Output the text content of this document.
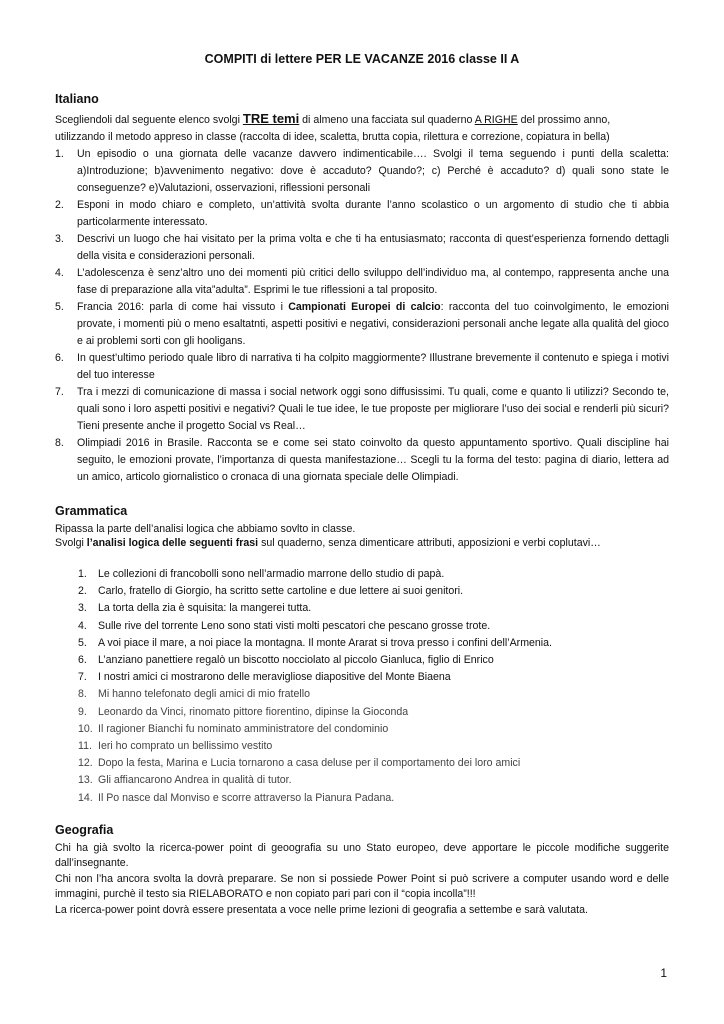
COMPITI di lettere PER LE VACANZE 2016 classe II A
Italiano

Scegliendoli dal seguente elenco svolgi TRE temi di almeno una facciata sul quaderno A RIGHE del prossimo anno,

utilizzando il metodo appreso in classe (raccolta di idee, scaletta, brutta copia, rilettura e correzione, copiatura in bella)

1. Un episodio o una giornata delle vacanze davvero indimenticabile…. Svolgi il tema seguendo i punti della scaletta: a)Introduzione; b)avvenimento negativo: dove è accaduto? Quando?; c) Perché è accaduto? d) quali sono state le conseguenze? e)Valutazioni, osservazioni, riflessioni personali
2. Esponi in modo chiaro e completo, un’attività svolta durante l’anno scolastico o un argomento di studio che ti abbia particolarmente interessato.
3. Descrivi un luogo che hai visitato per la prima volta e che ti ha entusiasmato; racconta di quest’esperienza fornendo dettagli della visita e considerazioni personali.
4. L’adolescenza è senz’altro uno dei momenti più critici dello sviluppo dell’individuo ma, al contempo, rappresenta anche una fase di preparazione alla vita”adulta”. Esprimi le tue riflessioni a tal proposito.
5. Francia 2016: parla di come hai vissuto i Campionati Europei di calcio: racconta del tuo coinvolgimento, le emozioni provate, i momenti più o meno esaltatnti, aspetti positivi e negativi, considerazioni personali anche legate alla qualità del gioco e ai problemi sorti con gli hooligans.
6. In quest’ultimo periodo quale libro di narrativa ti ha colpito maggiormente? Illustrane brevemente il contenuto e spiega i motivi del tuo interesse
7. Tra i mezzi di comunicazione di massa i social network oggi sono diffusissimi. Tu quali, come e quanto li utilizzi? Secondo te, quali sono i loro aspetti positivi e negativi? Quali le tue idee, le tue proposte per migliorare l’uso dei social e renderli più sicuri? Tieni presente anche il progetto Social vs Real…
8. Olimpiadi 2016 in Brasile. Racconta se e come sei stato coinvolto da questo appuntamento sportivo. Quali discipline hai seguito, le emozioni provate, l’importanza di questa manifestazione… Scegli tu la forma del testo: pagina di diario, lettera ad un amico, articolo giornalistico o cronaca di una giornata speciale delle Olimpiadi.
Grammatica

Ripassa la parte dell’analisi logica che abbiamo sovlto in classe.

Svolgi l’analisi logica delle seguenti frasi sul quaderno, senza dimenticare attributi, apposizioni e verbi coplutavi…

1. Le collezioni di francobolli sono nell’armadio marrone dello studio di papà.
2. Carlo, fratello di Giorgio, ha scritto sette cartoline e due lettere ai suoi genitori.
3. La torta della zia è squisita: la mangerei tutta.
4. Sulle rive del torrente Leno sono stati visti molti pescatori che pescano grosse trote.
5. A voi piace il mare, a noi piace la montagna. Il monte Ararat si trova presso i confini dell’Armenia.
6. L’anziano panettiere regalò un biscotto nocciolato al piccolo Gianluca, figlio di Enrico
7. I nostri amici ci mostrarono delle meravigliose diapositive del Monte Biaena
8. Mi hanno telefonato degli amici di mio fratello
9. Leonardo da Vinci, rinomato pittore fiorentino, dipinse la Gioconda
10. Il ragioner Bianchi fu nominato amministratore del condominio
11. Ieri ho comprato un bellissimo vestito
12. Dopo la festa, Marina e Lucia tornarono a casa deluse per il comportamento dei loro amici
13. Gli affiancarono Andrea in qualità di tutor.
14. Il Po nasce dal Monviso e scorre attraverso la Pianura Padana.
Geografia

Chi ha già svolto la ricerca-power point di geoografia su uno Stato europeo, deve apportare le piccole modifiche suggerite dall’insegnante.

Chi non l’ha ancora svolta la dovrà preparare. Se non si possiede Power Point si può scrivere a computer usando word e delle immagini, purchè il testo sia RIELABORATO e non copiato pari pari con il “copia incolla”!!!

La ricerca-power point dovrà essere presentata a voce nelle prime lezioni di geografia a settembe e sarà valutata.

1
